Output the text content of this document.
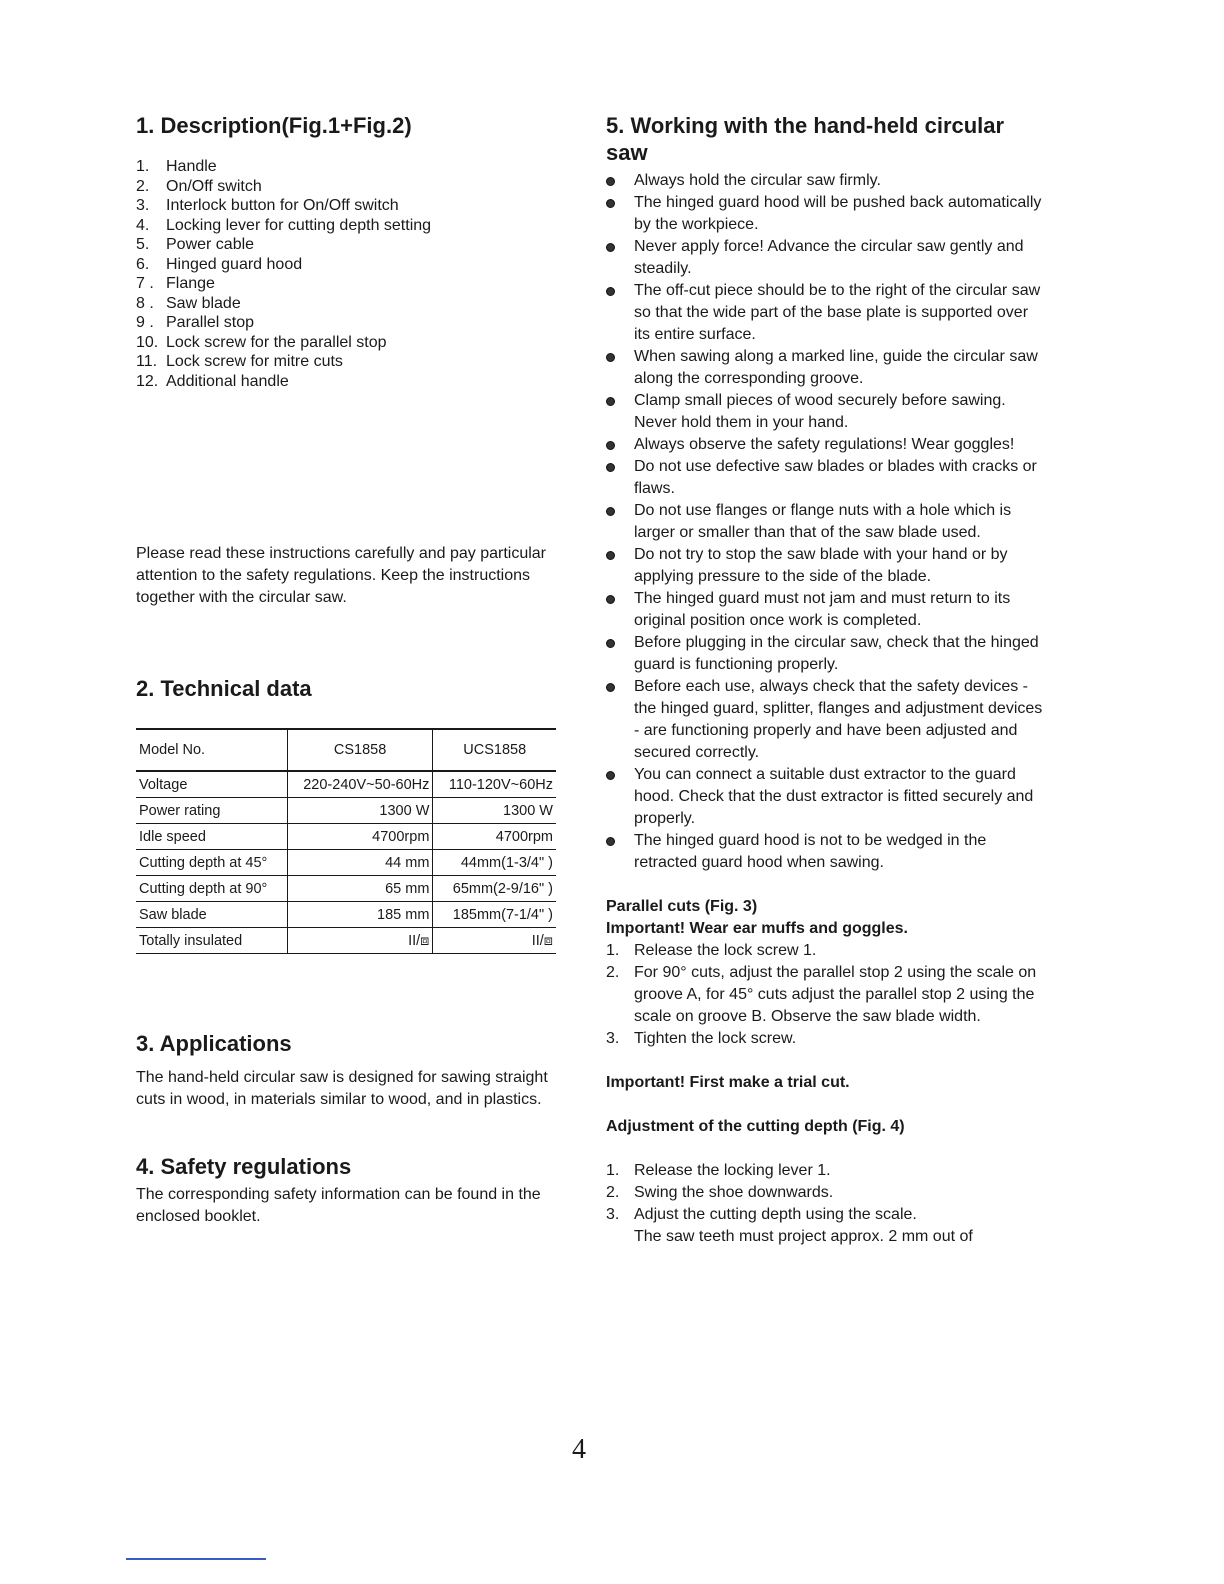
1. Description(Fig.1+Fig.2)
1.	Handle
2.	On/Off switch
3.	Interlock button for On/Off switch
4.	Locking lever for cutting depth setting
5.	Power cable
6.	Hinged guard hood
7 . Flange
8 . Saw blade
9 . Parallel stop
10. Lock screw for the parallel stop
11. Lock screw for mitre cuts
12. Additional handle

Please read these instructions carefully and pay particular attention to the safety regulations. Keep the instructions together with the circular saw.

2. Technical data
Model No.	CS1858	UCS1858
Voltage	220-240V~50-60Hz	110-120V~60Hz
Power rating	1300 W	1300 W
Idle speed	4700rpm	4700rpm
Cutting depth at 45°	44 mm	44mm(1-3/4" )
Cutting depth at 90°	65 mm	65mm(2-9/16" )
Saw blade	185 mm	185mm(7-1/4" )
Totally insulated	II/⧈	II/⧈
3. Applications

The hand-held circular saw is designed for sawing straight cuts in wood, in materials similar to wood, and in plastics.

4. Safety regulations

The corresponding safety information can be found in the enclosed booklet.

5. Working with the hand-held circular saw
Always hold the circular saw firmly.
The hinged guard hood will be pushed back automatically by the workpiece.
Never apply force! Advance the circular saw gently and steadily.
The off-cut piece should be to the right of the circular saw so that the wide part of the base plate is supported over its entire surface.
When sawing along a marked line, guide the circular saw along the corresponding groove.
Clamp small pieces of wood securely before sawing. Never hold them in your hand.
Always observe the safety regulations! Wear goggles!
Do not use defective saw blades or blades with cracks or flaws.
Do not use flanges or flange nuts with a hole which is larger or smaller than that of the saw blade used.
Do not try to stop the saw blade with your hand or by applying pressure to the side of the blade.
The hinged guard must not jam and must return to its original position once work is completed.
Before plugging in the circular saw, check that the hinged guard is functioning properly.
Before each use, always check that the safety devices - the hinged guard, splitter, flanges and adjustment devices - are functioning properly and have been adjusted and secured correctly.
You can connect a suitable dust extractor to the guard hood. Check that the dust extractor is fitted securely and properly.
The hinged guard hood is not to be wedged in the retracted guard hood when sawing.

Parallel cuts (Fig. 3)

Important! Wear ear muffs and goggles.

1. Release the lock screw 1.
2. For 90° cuts, adjust the parallel stop 2 using the scale on groove A, for 45° cuts adjust the parallel stop 2 using the scale on groove B. Observe the saw blade width.
3. Tighten the lock screw.

Important! First make a trial cut.

Adjustment of the cutting depth (Fig. 4)

1. Release the locking lever 1.
2. Swing the shoe downwards.
3. Adjust the cutting depth using the scale.

The saw teeth must project approx. 2 mm out of

4
